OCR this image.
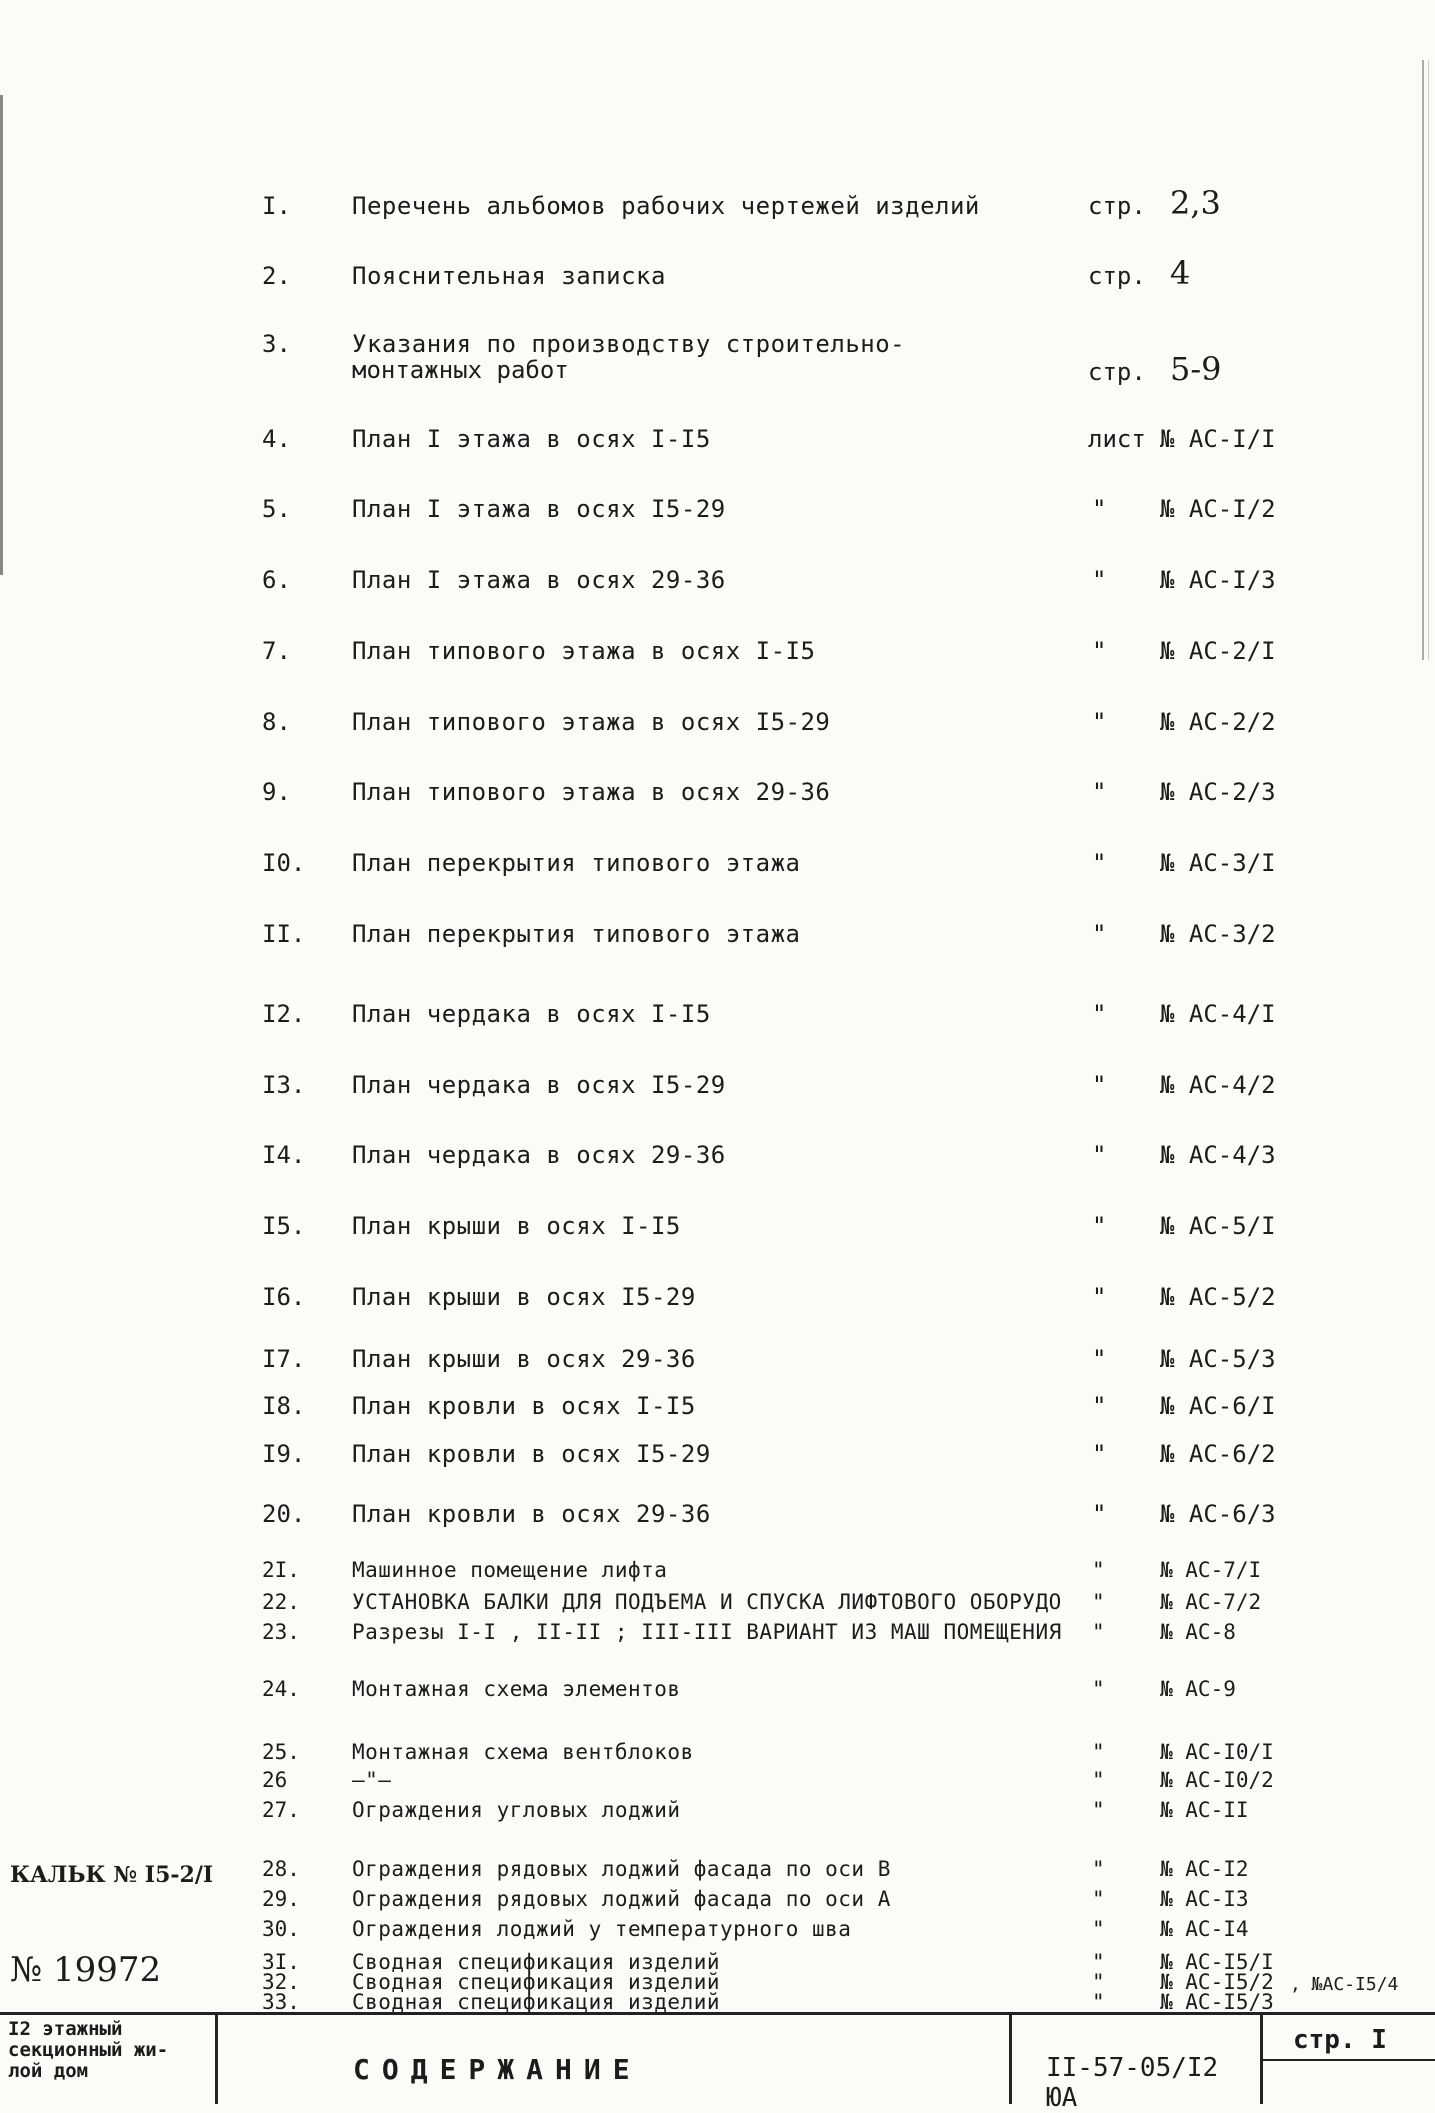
I.	Перечень альбомов рабочих чертежей изделий	стр. 2,3
2.	Пояснительная записка	стр. 4
3.	Указания по производству строительно-
монтажных работ	стр. 5-9
4.	План I этажа в осях I-I5	лист № АС-I/I
5.	План I этажа в осях I5-29	" № АС-I/2
6.	План I этажа в осях 29-36	" № АС-I/3
7.	План типового этажа в осях I-I5	" № АС-2/I
8.	План типового этажа в осях I5-29	" № АС-2/2
9.	План типового этажа в осях 29-36	" № АС-2/3
I0.	План перекрытия типового этажа	" № АС-3/I
II.	План перекрытия типового этажа	" № АС-3/2
I2.	План чердака в осях I-I5	" № АС-4/I
I3.	План чердака в осях I5-29	" № АС-4/2
I4.	План чердака в осях 29-36	" № АС-4/3
I5.	План крыши в осях I-I5	" № АС-5/I
I6.	План крыши в осях I5-29	" № АС-5/2
I7.	План крыши в осях 29-36	" № АС-5/3
I8.	План кровли в осях I-I5	" № АС-6/I
I9.	План кровли в осях I5-29	" № АС-6/2
20.	План кровли в осях 29-36	" № АС-6/3
2I.	Машинное помещение лифта	"	№ АС-7/I
22.	УСТАНОВКА БАЛКИ ДЛЯ ПОДЪЕМА И СПУСКА ЛИФТОВОГО ОБОРУДО "	№ АС-7/2
23.	Разрезы I-I , II-II ; III-III ВАРИАНТ ИЗ МАШ ПОМЕЩЕНИЯ "	№ АС-8
24.	Монтажная схема элементов	"	№ АС-9
25.	Монтажная схема вентблоков	"	№ АС-I0/I
26	—"—	"	№ АС-I0/2
27.	Ограждения угловых лоджий	"	№ АС-II
28.	Ограждения рядовых лоджий фасада по оси В	"	№ АС-I2
29.	Ограждения рядовых лоджий фасада по оси А	"	№ АС-I3
30.	Ограждения лоджий у температурного шва	"	№ АС-I4
3I.	Сводная спецификация изделий	"	№ АС-I5/I
32.	Сводная спецификация изделий	"	№ АС-I5/2
33.	Сводная спецификация изделий	"	№ АС-I5/3
КАЛЬК № I5-2/I
№ 19972	, №АС-I5/4
I2 этажный
секционный жи-
лой дом	СОДЕРЖАНИЕ	II-57-05/I2 ЮА
стр. I
